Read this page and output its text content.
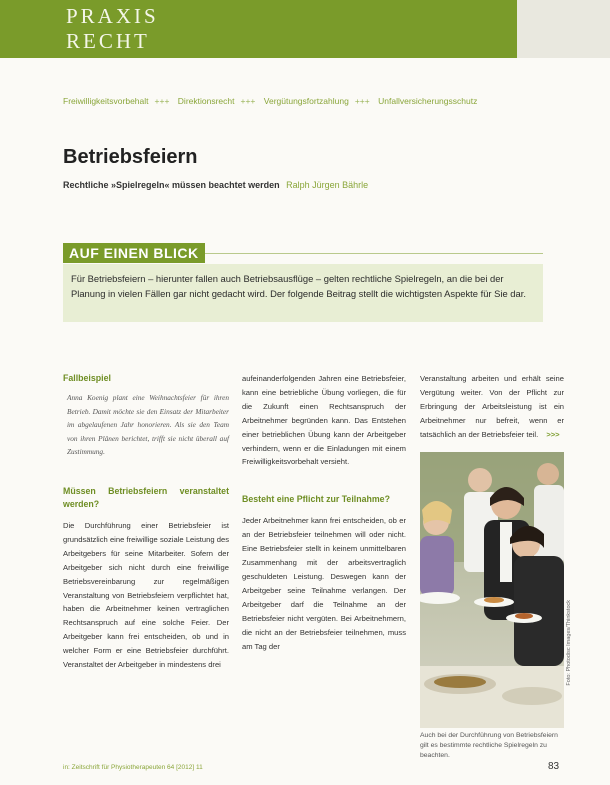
PRAXIS
RECHT
Freiwilligkeitsvorbehalt +++ Direktionsrecht +++ Vergütungsfortzahlung +++ Unfallversicherungsschutz
Betriebsfeiern
Rechtliche »Spielregeln« müssen beachtet werden Ralph Jürgen Bährle
AUF EINEN BLICK

Für Betriebsfeiern – hierunter fallen auch Betriebsausflüge – gelten rechtliche Spielregeln, an die bei der Planung in vielen Fällen gar nicht gedacht wird. Der folgende Beitrag stellt die wichtigsten Aspekte für Sie dar.

Fallbeispiel

Anna Koenig plant eine Weihnachtsfeier für ihren Betrieb. Damit möchte sie den Einsatz der Mitarbeiter im abgelaufenen Jahr honorieren. Als sie den Team von ihren Plänen berichtet, trifft sie nicht überall auf Zustimmung.

Müssen Betriebsfeiern veranstaltet werden?

Die Durchführung einer Betriebsfeier ist grundsätzlich eine freiwillige soziale Leistung des Arbeitgebers für seine Mitarbeiter. Sofern der Arbeitgeber sich nicht durch eine freiwillige Betriebsvereinbarung zur regelmäßigen Veranstaltung von Betriebsfeiern verpflichtet hat, haben die Arbeitnehmer keinen vertraglichen Rechtsanspruch auf eine solche Feier. Der Arbeitgeber kann frei entscheiden, ob und in welcher Form er eine Betriebsfeier durchführt. Veranstaltet der Arbeitgeber in mindestens drei

aufeinanderfolgenden Jahren eine Betriebsfeier, kann eine betriebliche Übung vorliegen, die für die Zukunft einen Rechtsanspruch der Arbeitnehmer begründen kann. Das Entstehen einer betrieblichen Übung kann der Arbeitgeber verhindern, wenn er die Einladungen mit einem Freiwilligkeitsvorbehalt versieht.

Besteht eine Pflicht zur Teilnahme?

Jeder Arbeitnehmer kann frei entscheiden, ob er an der Betriebsfeier teilnehmen will oder nicht. Eine Betriebsfeier stellt in keinem unmittelbaren Zusammenhang mit der arbeitsvertraglich geschuldeten Leistung. Deswegen kann der Arbeitgeber seine Teilnahme verlangen. Der Arbeitgeber darf die Teilnahme an der Betriebsfeier nicht vergüten. Bei Arbeitnehmern, die nicht an der Betriebsfeier teilnehmen, muss am Tag der

Veranstaltung arbeiten und erhält seine Vergütung weiter. Von der Pflicht zur Erbringung der Arbeitsleistung ist ein Arbeitnehmer nur befreit, wenn er tatsächlich an der Betriebsfeier teil. >>>

Foto: Photodisc Images/Thinkstock
Auch bei der Durchführung von Betriebsfeiern gilt es bestimmte rechtliche Spielregeln zu beachten.
in: Zeitschrift für Physiotherapeuten 64 [2012] 11	83
